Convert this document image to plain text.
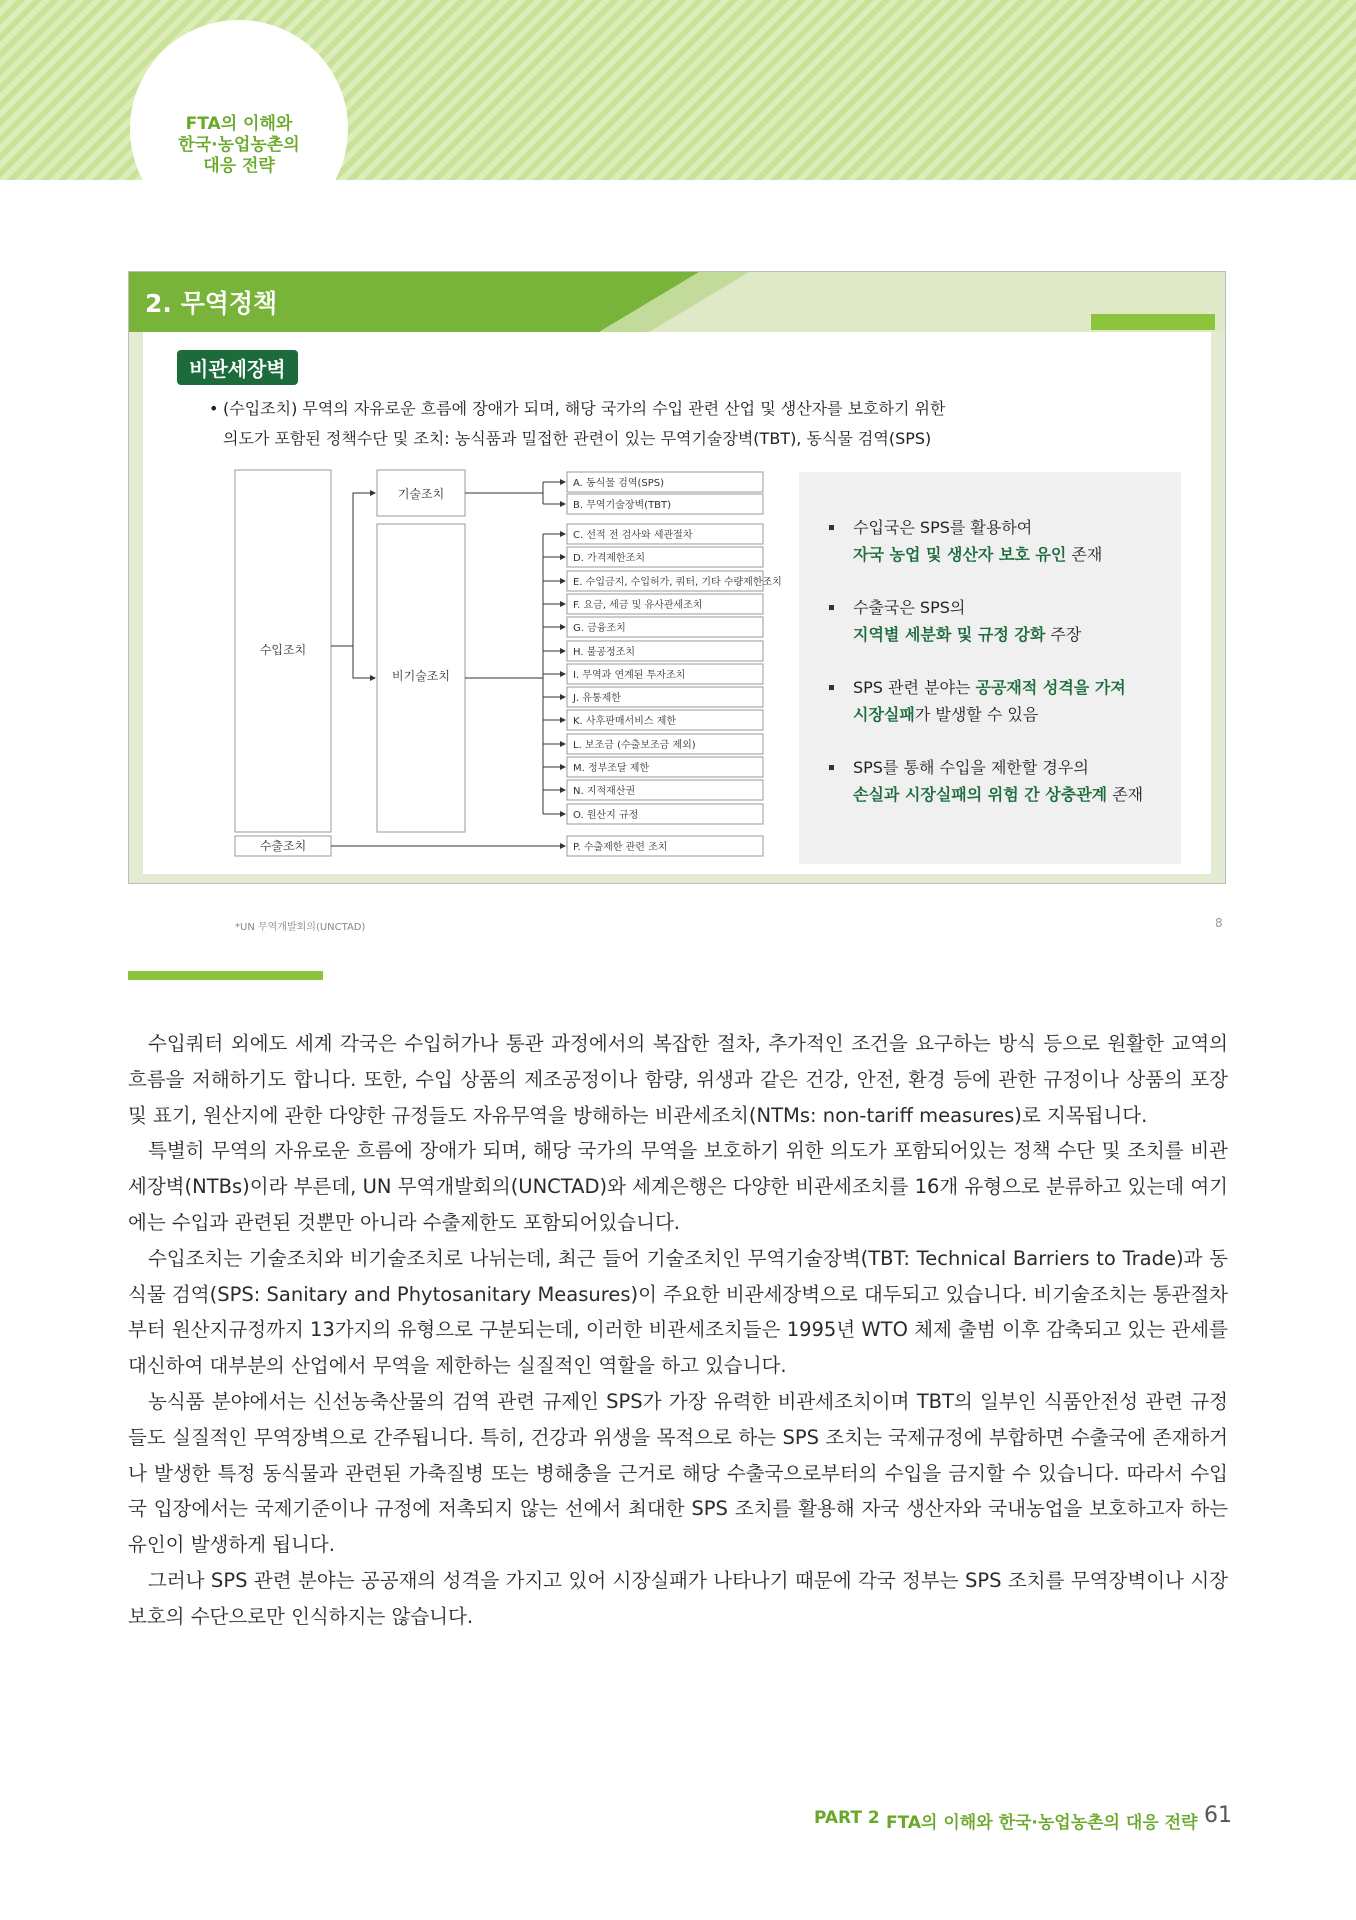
FTA의 이해와
한국·농업농촌의
대응 전략
2. 무역정책
비관세장벽
• (수입조치) 무역의 자유로운 흐름에 장애가 되며, 해당 국가의 수입 관련 산업 및 생산자를 보호하기 위한
의도가 포함된 정책수단 및 조치: 농식품과 밀접한 관련이 있는 무역기술장벽(TBT), 동식물 검역(SPS)
수입조치
수출조치
기술조치
비기술조치
A. 동식물 검역(SPS)
B. 무역기술장벽(TBT)
C. 선적 전 검사와 세관절차
D. 가격제한조치
E. 수입금지, 수입허가, 쿼터, 기타 수량제한조치
F. 요금, 세금 및 유사관세조치
G. 금융조치
H. 불공정조치
I. 무역과 연계된 투자조치
J. 유통제한
K. 사후판매서비스 제한
L. 보조금 (수출보조금 제외)
M. 정부조달 제한
N. 지적재산권
O. 원산지 규정
P. 수출제한 관련 조치
수입국은 SPS를 활용하여
자국 농업 및 생산자 보호 유인 존재
수출국은 SPS의
지역별 세분화 및 규정 강화 주장
SPS 관련 분야는 공공재적 성격을 가져
시장실패가 발생할 수 있음
SPS를 통해 수입을 제한할 경우의
손실과 시장실패의 위험 간 상충관계 존재
*UN 무역개발회의(UNCTAD)	8

수입쿼터 외에도 세계 각국은 수입허가나 통관 과정에서의 복잡한 절차, 추가적인 조건을 요구하는 방식 등으로 원활한 교역의 흐름을 저해하기도 합니다. 또한, 수입 상품의 제조공정이나 함량, 위생과 같은 건강, 안전, 환경 등에 관한 규정이나 상품의 포장 및 표기, 원산지에 관한 다양한 규정들도 자유무역을 방해하는 비관세조치(NTMs: non-tariff measures)로 지목됩니다.

특별히 무역의 자유로운 흐름에 장애가 되며, 해당 국가의 무역을 보호하기 위한 의도가 포함되어있는 정책 수단 및 조치를 비관세장벽(NTBs)이라 부른데, UN 무역개발회의(UNCTAD)와 세계은행은 다양한 비관세조치를 16개 유형으로 분류하고 있는데 여기에는 수입과 관련된 것뿐만 아니라 수출제한도 포함되어있습니다.

수입조치는 기술조치와 비기술조치로 나뉘는데, 최근 들어 기술조치인 무역기술장벽(TBT: Technical Barriers to Trade)과 동식물 검역(SPS: Sanitary and Phytosanitary Measures)이 주요한 비관세장벽으로 대두되고 있습니다. 비기술조치는 통관절차부터 원산지규정까지 13가지의 유형으로 구분되는데, 이러한 비관세조치들은 1995년 WTO 체제 출범 이후 감축되고 있는 관세를 대신하여 대부분의 산업에서 무역을 제한하는 실질적인 역할을 하고 있습니다.

농식품 분야에서는 신선농축산물의 검역 관련 규제인 SPS가 가장 유력한 비관세조치이며 TBT의 일부인 식품안전성 관련 규정들도 실질적인 무역장벽으로 간주됩니다. 특히, 건강과 위생을 목적으로 하는 SPS 조치는 국제규정에 부합하면 수출국에 존재하거나 발생한 특정 동식물과 관련된 가축질병 또는 병해충을 근거로 해당 수출국으로부터의 수입을 금지할 수 있습니다. 따라서 수입국 입장에서는 국제기준이나 규정에 저촉되지 않는 선에서 최대한 SPS 조치를 활용해 자국 생산자와 국내농업을 보호하고자 하는 유인이 발생하게 됩니다.

그러나 SPS 관련 분야는 공공재의 성격을 가지고 있어 시장실패가 나타나기 때문에 각국 정부는 SPS 조치를 무역장벽이나 시장보호의 수단으로만 인식하지는 않습니다.

PART 2 FTA의 이해와 한국·농업농촌의 대응 전략 61
